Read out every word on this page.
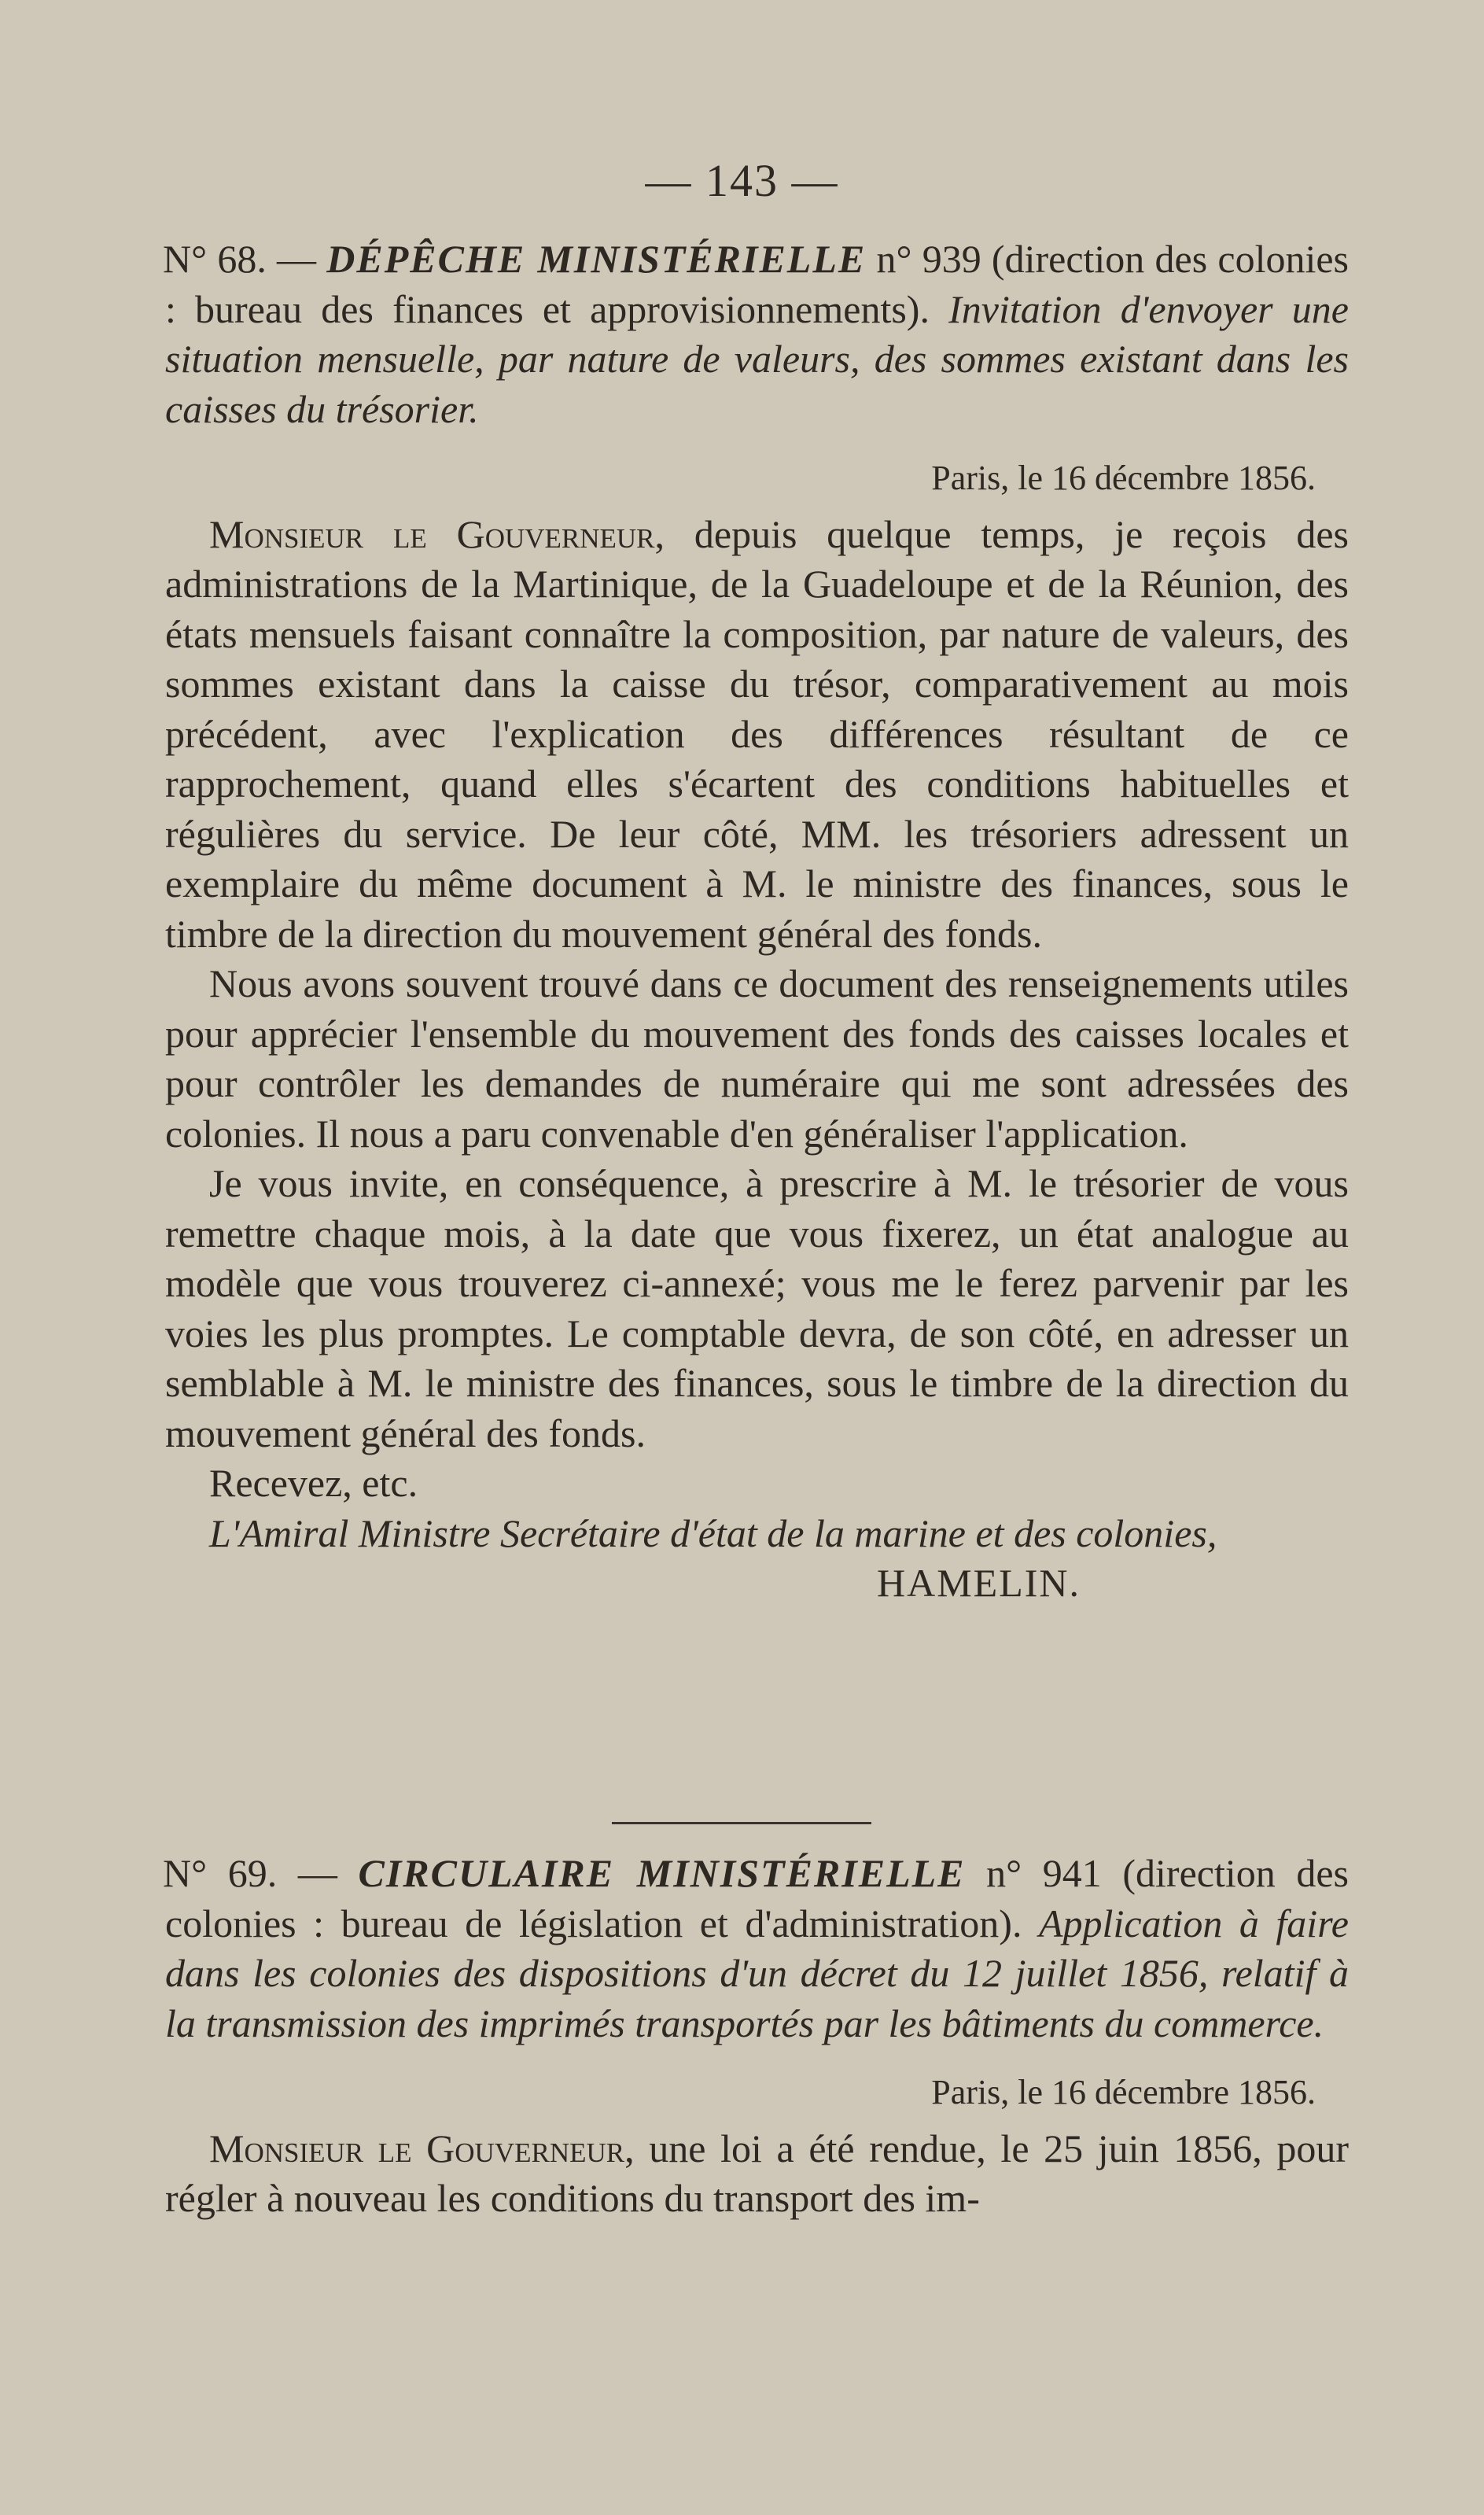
— 143 —

N° 68. — DÉPÊCHE MINISTÉRIELLE n° 939 (direction des colonies : bureau des finances et approvisionnements). Invitation d'envoyer une situation mensuelle, par nature de valeurs, des sommes existant dans les caisses du trésorier.

Paris, le 16 décembre 1856.

Monsieur le Gouverneur, depuis quelque temps, je reçois des administrations de la Martinique, de la Guadeloupe et de la Réunion, des états mensuels faisant connaître la composition, par nature de valeurs, des sommes existant dans la caisse du trésor, comparativement au mois précédent, avec l'explication des différences résultant de ce rapprochement, quand elles s'écartent des conditions habituelles et régulières du service. De leur côté, MM. les trésoriers adressent un exemplaire du même document à M. le ministre des finances, sous le timbre de la direction du mouvement général des fonds.

Nous avons souvent trouvé dans ce document des renseignements utiles pour apprécier l'ensemble du mouvement des fonds des caisses locales et pour contrôler les demandes de numéraire qui me sont adressées des colonies. Il nous a paru convenable d'en généraliser l'application.

Je vous invite, en conséquence, à prescrire à M. le trésorier de vous remettre chaque mois, à la date que vous fixerez, un état analogue au modèle que vous trouverez ci-annexé; vous me le ferez parvenir par les voies les plus promptes. Le comptable devra, de son côté, en adresser un semblable à M. le ministre des finances, sous le timbre de la direction du mouvement général des fonds.

Recevez, etc.

L'Amiral Ministre Secrétaire d'état de la marine et des colonies,

HAMELIN.

N° 69. — CIRCULAIRE MINISTÉRIELLE n° 941 (direction des colonies : bureau de législation et d'administration). Application à faire dans les colonies des dispositions d'un décret du 12 juillet 1856, relatif à la transmission des imprimés transportés par les bâtiments du commerce.

Paris, le 16 décembre 1856.

Monsieur le Gouverneur, une loi a été rendue, le 25 juin 1856, pour régler à nouveau les conditions du transport des im-
